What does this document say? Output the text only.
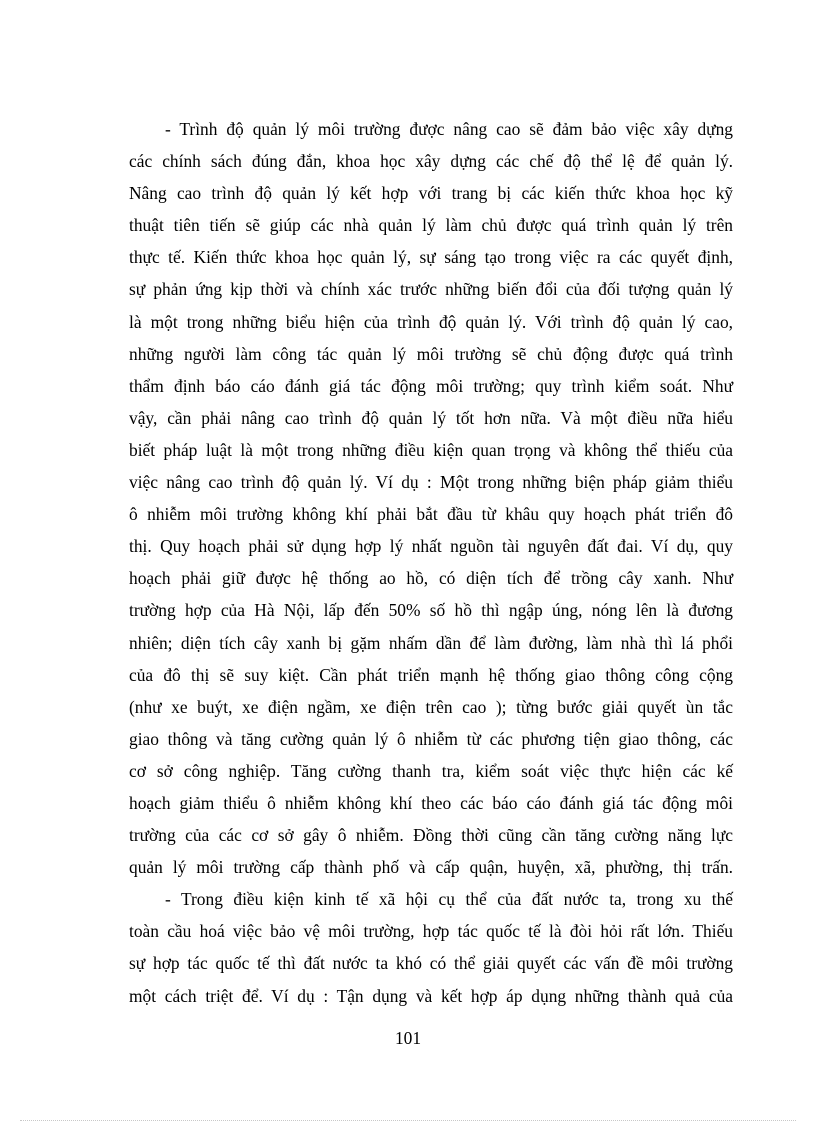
- Trình độ quản lý môi trường được nâng cao sẽ đảm bảo việc xây dựng
các chính sách đúng đắn, khoa học xây dựng các chế độ thể lệ để quản lý.
Nâng cao trình độ quản lý kết hợp với trang bị các kiến thức khoa học kỹ
thuật tiên tiến sẽ giúp các nhà quản lý làm chủ được quá trình quản lý trên
thực tế. Kiến thức khoa học quản lý, sự sáng tạo trong việc ra các quyết định,
sự phản ứng kịp thời và chính xác trước những biến đổi của đối tượng quản lý
là một trong những biểu hiện của trình độ quản lý. Với trình độ quản lý cao,
những người làm công tác quản lý môi trường sẽ chủ động được quá trình
thẩm định báo cáo đánh giá tác động môi trường; quy trình kiểm soát. Như
vậy, cần phải nâng cao trình độ quản lý tốt hơn nữa. Và một điều nữa hiểu
biết pháp luật là một trong những điều kiện quan trọng và không thể thiếu của
việc nâng cao trình độ quản lý. Ví dụ : Một trong những biện pháp giảm thiểu
ô nhiễm môi trường không khí phải bắt đầu từ khâu quy hoạch phát triển đô
thị. Quy hoạch phải sử dụng hợp lý nhất nguồn tài nguyên đất đai. Ví dụ, quy
hoạch phải giữ được hệ thống ao hồ, có diện tích để trồng cây xanh. Như
trường hợp của Hà Nội, lấp đến 50% số hồ thì ngập úng, nóng lên là đương
nhiên; diện tích cây xanh bị gặm nhấm dần để làm đường, làm nhà thì lá phổi
của đô thị sẽ suy kiệt. Cần phát triển mạnh hệ thống giao thông công cộng
(như xe buýt, xe điện ngầm, xe điện trên cao ); từng bước giải quyết ùn tắc
giao thông và tăng cường quản lý ô nhiễm từ các phương tiện giao thông, các
cơ sở công nghiệp. Tăng cường thanh tra, kiểm soát việc thực hiện các kế
hoạch giảm thiểu ô nhiễm không khí theo các báo cáo đánh giá tác động môi
trường của các cơ sở gây ô nhiễm. Đồng thời cũng cần tăng cường năng lực
quản lý môi trường cấp thành phố và cấp quận, huyện, xã, phường, thị trấn.
- Trong điều kiện kinh tế xã hội cụ thể của đất nước ta, trong xu thế
toàn cầu hoá việc bảo vệ môi trường, hợp tác quốc tế là đòi hỏi rất lớn. Thiếu
sự hợp tác quốc tế thì đất nước ta khó có thể giải quyết các vấn đề môi trường
một cách triệt để. Ví dụ : Tận dụng và kết hợp áp dụng những thành quả của
101
